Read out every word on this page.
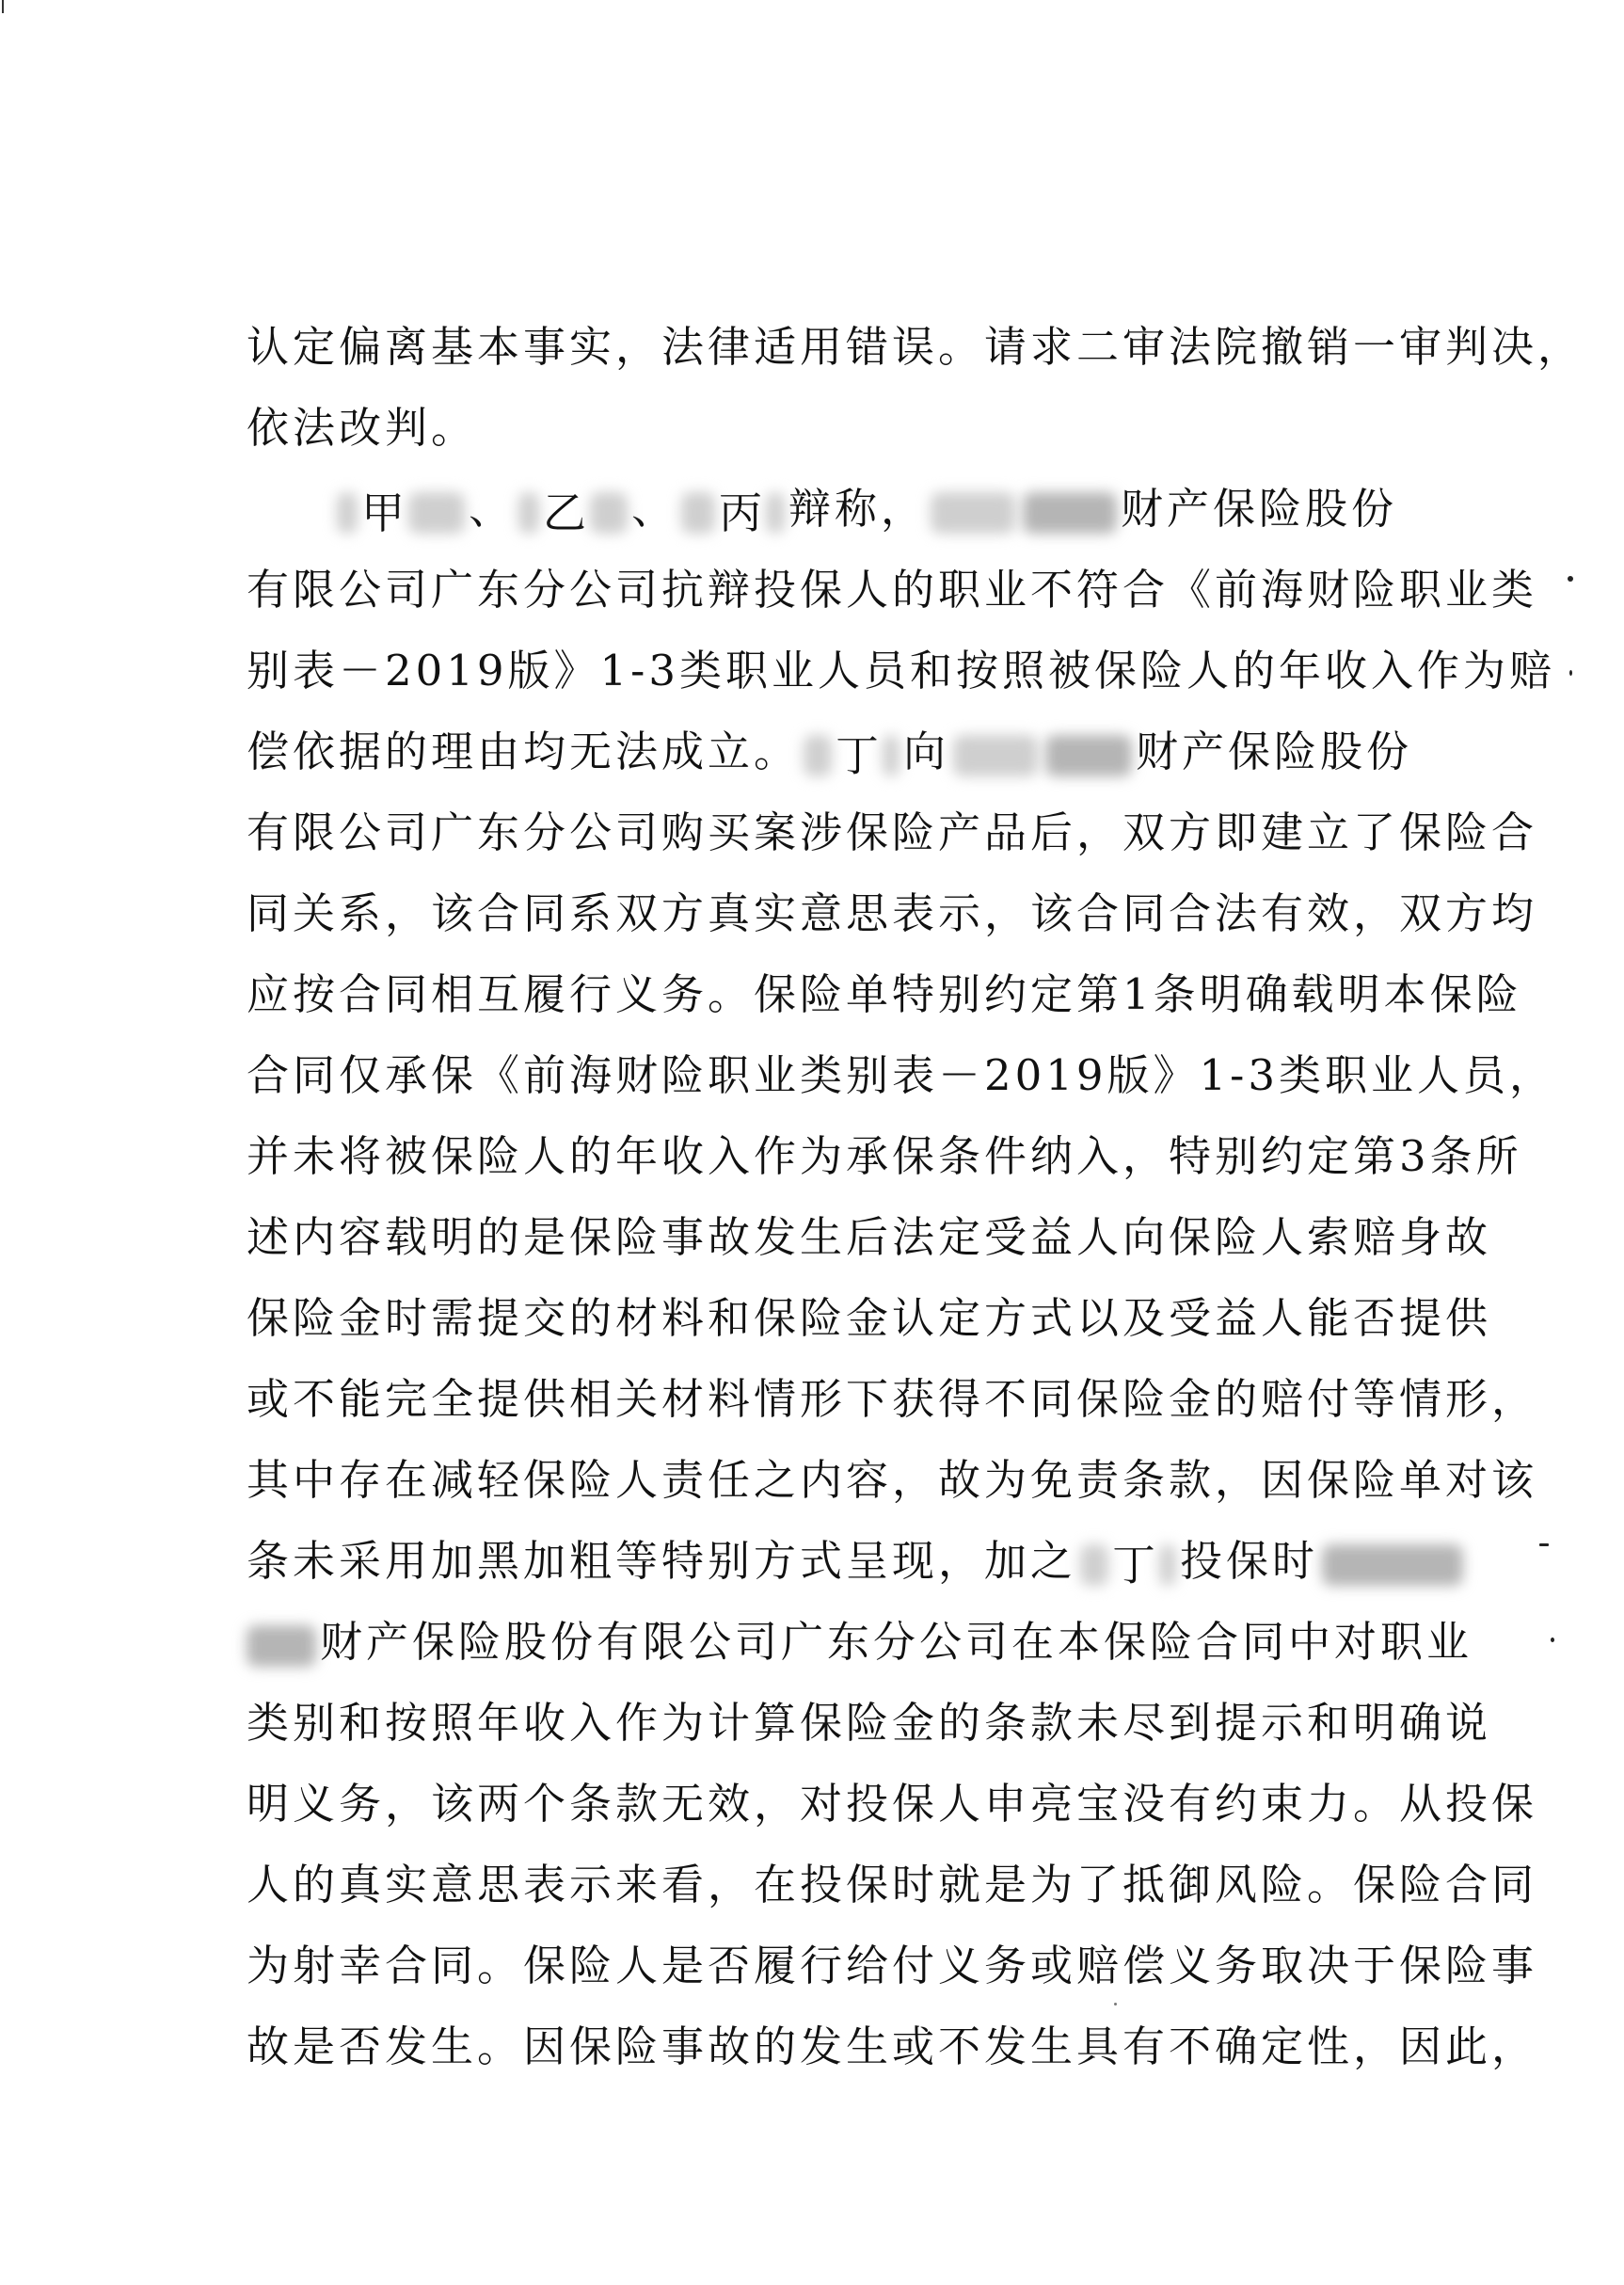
认定偏离基本事实，法律适用错误。请求二审法院撤销一审判决，
依法改判。
甲 、 乙 、 丙 辩称，	财产保险股份
有限公司广东分公司抗辩投保人的职业不符合《前海财险职业类
别表－2019版》1-3类职业人员和按照被保险人的年收入作为赔
偿依据的理由均无法成立。 丁 向	财产保险股份
有限公司广东分公司购买案涉保险产品后，双方即建立了保险合
同关系，该合同系双方真实意思表示，该合同合法有效，双方均
应按合同相互履行义务。保险单特别约定第1条明确载明本保险
合同仅承保《前海财险职业类别表－2019版》1-3类职业人员，
并未将被保险人的年收入作为承保条件纳入，特别约定第3条所
述内容载明的是保险事故发生后法定受益人向保险人索赔身故
保险金时需提交的材料和保险金认定方式以及受益人能否提供
或不能完全提供相关材料情形下获得不同保险金的赔付等情形，
其中存在减轻保险人责任之内容，故为免责条款，因保险单对该
条未采用加黑加粗等特别方式呈现，加之 丁 投保时
财产保险股份有限公司广东分公司在本保险合同中对职业
类别和按照年收入作为计算保险金的条款未尽到提示和明确说
明义务，该两个条款无效，对投保人申亮宝没有约束力。从投保
人的真实意思表示来看，在投保时就是为了抵御风险。保险合同
为射幸合同。保险人是否履行给付义务或赔偿义务取决于保险事
故是否发生。因保险事故的发生或不发生具有不确定性，因此，
